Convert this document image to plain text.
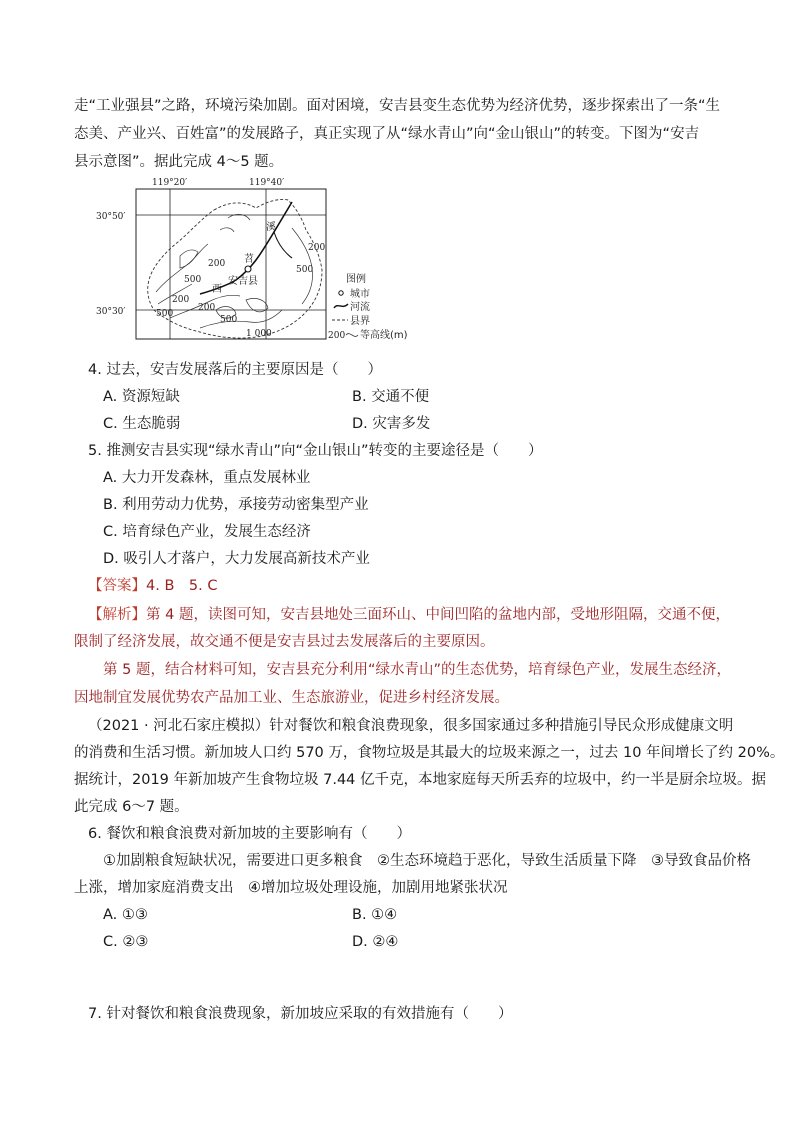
走“工业强县”之路，环境污染加剧。面对困境，安吉县变生态优势为经济优势，逐步探索出了一条“生

态美、产业兴、百姓富”的发展路子，真正实现了从“绿水青山”向“金山银山”的转变。下图为“安吉

县示意图”。据此完成 4～5 题。

119°20′	119°40′
30°50′
30°30′
安吉县
溪
苕
西
200
500
200
500
200
500
200
500
1 000
图例
城市
河流
县界
200 等高线(m)

4. 过去，安吉发展落后的主要原因是（　　）

A. 资源短缺	B. 交通不便

C. 生态脆弱	D. 灾害多发

5. 推测安吉县实现“绿水青山”向“金山银山”转变的主要途径是（　　）

A. 大力开发森林，重点发展林业

B. 利用劳动力优势，承接劳动密集型产业

C. 培育绿色产业，发展生态经济

D. 吸引人才落户，大力发展高新技术产业

【答案】4. B　5. C

【解析】第 4 题，读图可知，安吉县地处三面环山、中间凹陷的盆地内部，受地形阻隔，交通不便，

限制了经济发展，故交通不便是安吉县过去发展落后的主要原因。

第 5 题，结合材料可知，安吉县充分利用“绿水青山”的生态优势，培育绿色产业，发展生态经济，

因地制宜发展优势农产品加工业、生态旅游业，促进乡村经济发展。

（2021 · 河北石家庄模拟）针对餐饮和粮食浪费现象，很多国家通过多种措施引导民众形成健康文明

的消费和生活习惯。新加坡人口约 570 万，食物垃圾是其最大的垃圾来源之一，过去 10 年间增长了约 20%。

据统计，2019 年新加坡产生食物垃圾 7.44 亿千克，本地家庭每天所丢弃的垃圾中，约一半是厨余垃圾。据

此完成 6～7 题。

6. 餐饮和粮食浪费对新加坡的主要影响有（　　）

①加剧粮食短缺状况，需要进口更多粮食　②生态环境趋于恶化，导致生活质量下降　③导致食品价格

上涨，增加家庭消费支出　④增加垃圾处理设施，加剧用地紧张状况

A. ①③	B. ①④

C. ②③	D. ②④

7. 针对餐饮和粮食浪费现象，新加坡应采取的有效措施有（　　）
